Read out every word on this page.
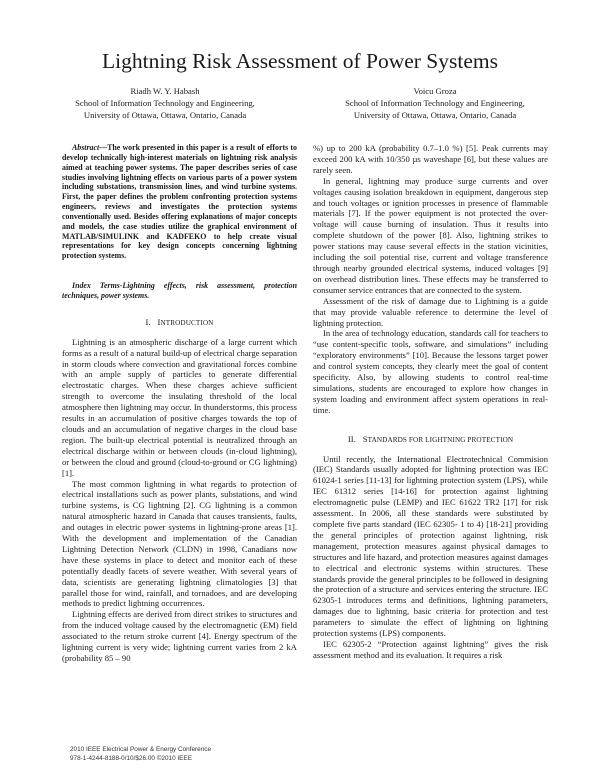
Lightning Risk Assessment of Power Systems
Riadh W. Y. Habash
School of Information Technology and Engineering,
University of Ottawa, Ottawa, Ontario, Canada
Voicu Groza
School of Information Technology and Engineering,
University of Ottawa, Ottawa, Ontario, Canada

Abstract—The work presented in this paper is a result of efforts to develop technically high-interest materials on lightning risk analysis aimed at teaching power systems. The paper describes series of case studies involving lightning effects on various parts of a power system including substations, transmission lines, and wind turbine systems. First, the paper defines the problem confronting protection systems engineers, reviews and investigates the protection systems conventionally used. Besides offering explanations of major concepts and models, the case studies utilize the graphical environment of MATLAB/SIMULINK and KADFEKO to help create visual representations for key design concepts concerning lightning protection systems.

Index Terms-Lightning effects, risk assessment, protection techniques, power systems.

I. INTRODUCTION

Lightning is an atmospheric discharge of a large current which forms as a result of a natural build-up of electrical charge separation in storm clouds where convection and gravitational forces combine with an ample supply of particles to generate differential electrostatic charges. When these charges achieve sufficient strength to overcome the insulating threshold of the local atmosphere then lightning may occur. In thunderstorms, this process results in an accumulation of positive charges towards the top of clouds and an accumulation of negative charges in the cloud base region. The built-up electrical potential is neutralized through an electrical discharge within or between clouds (in-cloud lightning), or between the cloud and ground (cloud-to-ground or CG lightning) [1].

The most common lightning in what regards to protection of electrical installations such as power plants, substations, and wind turbine systems, is CG lightning [2]. CG lightning is a common natural atmospheric hazard in Canada that causes transients, faults, and outages in electric power systems in lightning-prone areas [1]. With the development and implementation of the Canadian Lightning Detection Network (CLDN) in 1998, Canadians now have these systems in place to detect and monitor each of these potentially deadly facets of severe weather. With several years of data, scientists are generating lightning climatologies [3] that parallel those for wind, rainfall, and tornadoes, and are developing methods to predict lightning occurrences.

Lightning effects are derived from direct strikes to structures and from the induced voltage caused by the electromagnetic (EM) field associated to the return stroke current [4]. Energy spectrum of the lightning current is very wide; lightning current varies from 2 kA (probability 85 – 90

%) up to 200 kA (probability 0.7–1.0 %) [5]. Peak currents may exceed 200 kA with 10/350 µs waveshape [6], but these values are rarely seen.

In general, lightning may produce surge currents and over voltages causing isolation breakdown in equipment, dangerous step and touch voltages or ignition processes in presence of flammable materials [7]. If the power equipment is not protected the over-voltage will cause burning of insulation. Thus it results into complete shutdown of the power [8]. Also, lightning strikes to power stations may cause several effects in the station vicinities, including the soil potential rise, current and voltage transference through nearby grounded electrical systems, induced voltages [9] on overhead distribution lines. These effects may be transferred to consumer service entrances that are connected to the system.

Assessment of the risk of damage due to Lightning is a guide that may provide valuable reference to determine the level of lightning protection.

In the area of technology education, standards call for teachers to “use content-specific tools, software, and simulations” including “exploratory environments” [10]. Because the lessons target power and control system concepts, they clearly meet the goal of content specificity. Also, by allowing students to control real-time simulations, students are encouraged to explore how changes in system loading and environment affect system operations in real-time.

II. STANDARDS FOR LIGHTNING PROTECTION

Until recently, the International Electrotechnical Commision (IEC) Standards usually adopted for lightning protection was IEC 61024-1 series [11-13] for lightning protection system (LPS), while IEC 61312 series [14-16] for protection against lightning electromagnetic pulse (LEMP) and IEC 61622 TR2 [17] for risk assessment. In 2006, all these standards were substituted by complete five parts standard (IEC 62305- 1 to 4) [18-21] providing the general principles of protection against lightning, risk management, protection measures against physical damages to structures and life hazard, and protection measures against damages to electrical and electronic systems within structures. These standards provide the general principles to be followed in designing the protection of a structure and services entering the structure. IEC 62305-1 introduces terms and definitions, lightning parameters, damages due to lightning, basic criteria for protection and test parameters to simulate the effect of lightning on lightning protection systems (LPS) components.

IEC 62305-2 “Protection against lightning” gives the risk assessment method and its evaluation. It requires a risk

2010 IEEE Electrical Power & Energy Conference
978-1-4244-8188-0/10/$26.00 ©2010 IEEE
